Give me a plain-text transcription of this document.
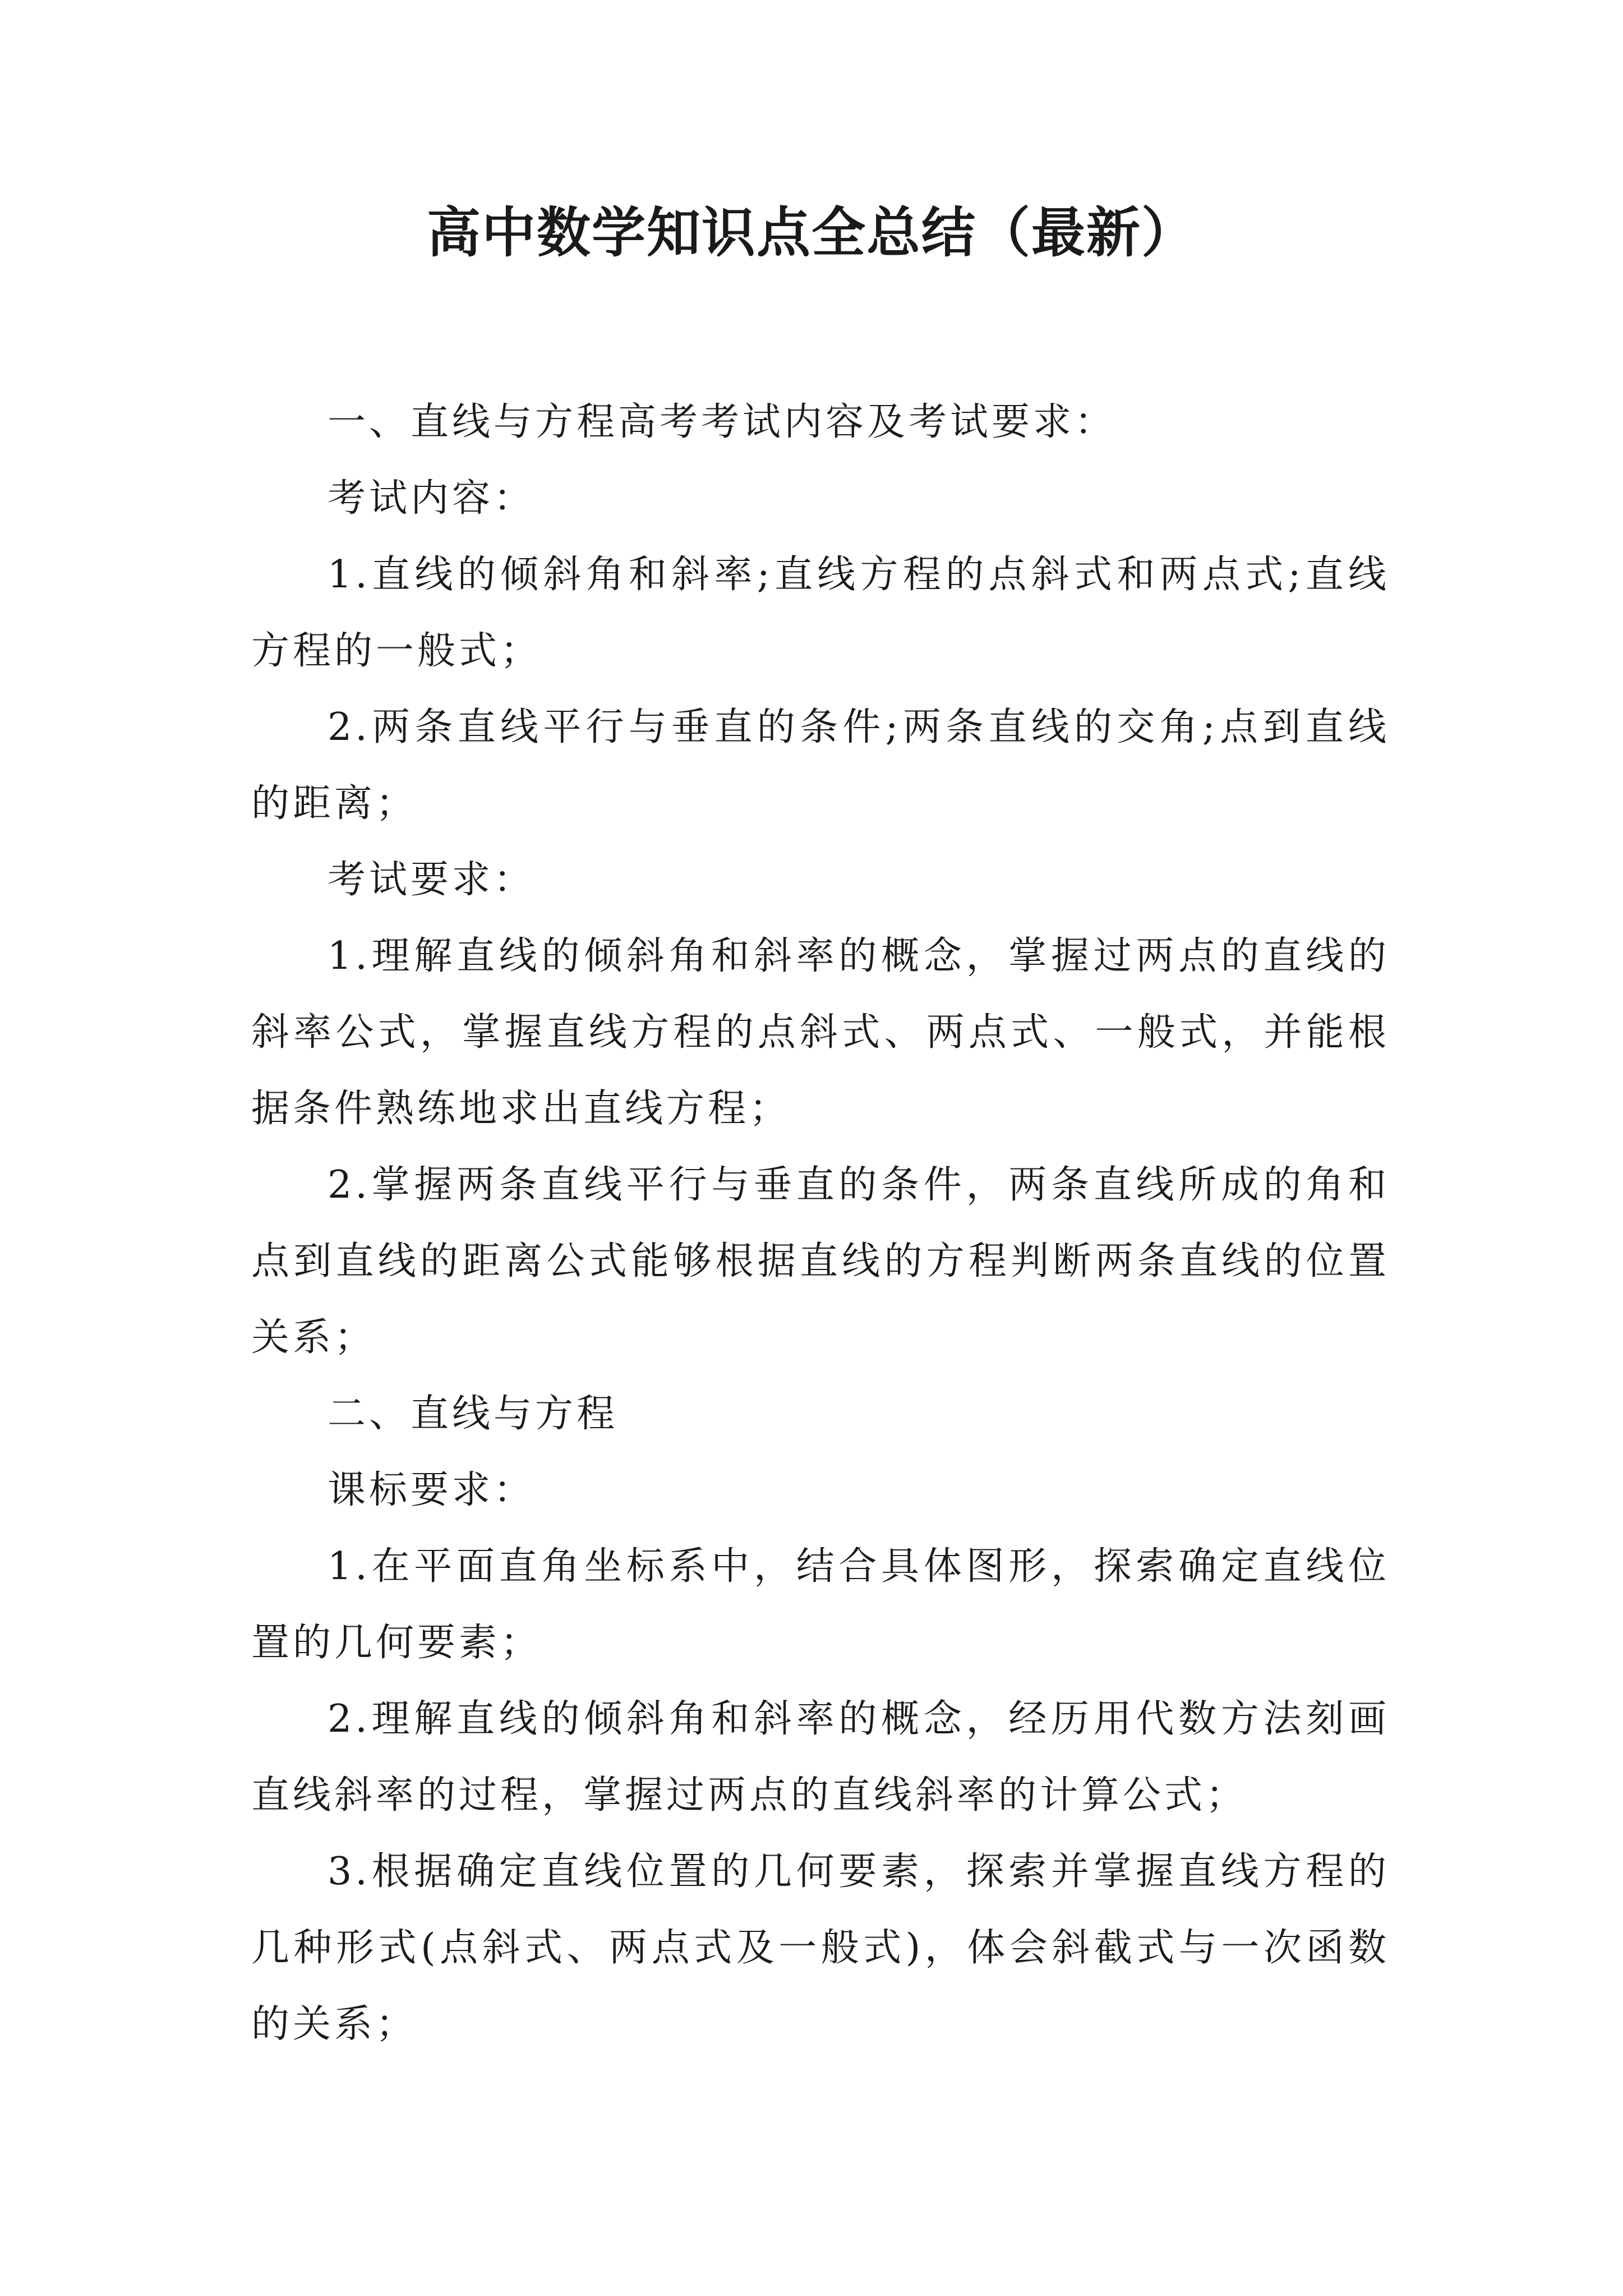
高中数学知识点全总结（最新）

一、直线与方程高考考试内容及考试要求：

考试内容：

1.直线的倾斜角和斜率;直线方程的点斜式和两点式;直线方程的一般式；

2.两条直线平行与垂直的条件;两条直线的交角;点到直线的距离；

考试要求：

1.理解直线的倾斜角和斜率的概念，掌握过两点的直线的斜率公式，掌握直线方程的点斜式、两点式、一般式，并能根据条件熟练地求出直线方程；

2.掌握两条直线平行与垂直的条件，两条直线所成的角和点到直线的距离公式能够根据直线的方程判断两条直线的位置关系；

二、直线与方程

课标要求：

1.在平面直角坐标系中，结合具体图形，探索确定直线位置的几何要素；

2.理解直线的倾斜角和斜率的概念，经历用代数方法刻画直线斜率的过程，掌握过两点的直线斜率的计算公式；

3.根据确定直线位置的几何要素，探索并掌握直线方程的几种形式(点斜式、两点式及一般式)，体会斜截式与一次函数的关系；
